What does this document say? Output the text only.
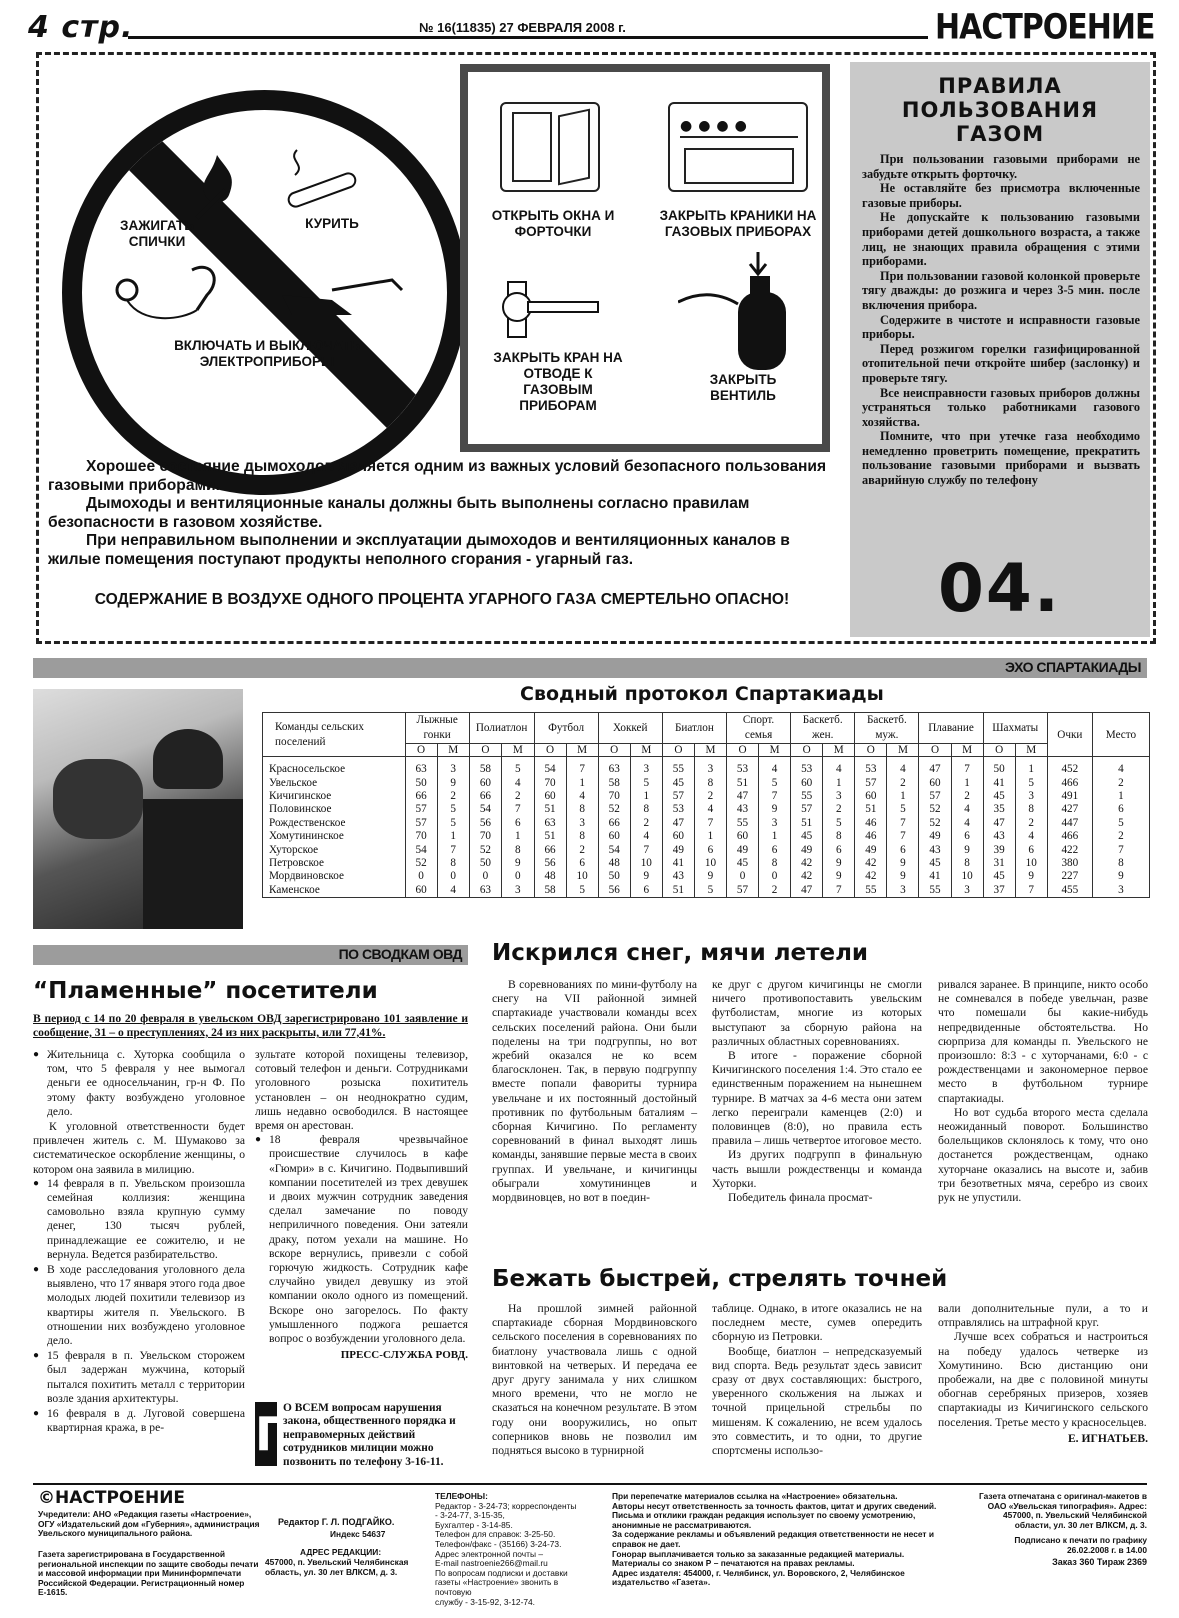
4 стр.	№ 16(11835) 27 ФЕВРАЛЯ 2008 г.	НАСТРОЕНИЕ
ЗАЖИГАТЬ СПИЧКИ
КУРИТЬ
ВКЛЮЧАТЬ И ВЫКЛЮЧАТЬ ЭЛЕКТРОПРИБОРЫ
ОТКРЫТЬ ОКНА И ФОРТОЧКИ
●●●●
ЗАКРЫТЬ КРАНИКИ НА ГАЗОВЫХ ПРИБОРАХ
ЗАКРЫТЬ КРАН НА ОТВОДЕ К ГАЗОВЫМ ПРИБОРАМ
ЗАКРЫТЬ ВЕНТИЛЬ
ПРАВИЛА ПОЛЬЗОВАНИЯ ГАЗОМ

При пользовании газовыми приборами не забудьте открыть форточку.

Не оставляйте без присмотра включенные газовые приборы.

Не допускайте к пользованию газовыми приборами детей дошкольного возраста, а также лиц, не знающих правила обращения с этими приборами.

При пользовании газовой колонкой проверьте тягу дважды: до розжига и через 3-5 мин. после включения прибора.

Содержите в чистоте и исправности газовые приборы.

Перед розжигом горелки газифицированной отопительной печи откройте шибер (заслонку) и проверьте тягу.

Все неисправности газовых приборов должны устраняться только работниками газового хозяйства.

Помните, что при утечке газа необходимо немедленно проветрить помещение, прекратить пользование газовыми приборами и вызвать аварийную службу по телефону

04.

Хорошее состояние дымоходов является одним из важных условий безопасного пользования газовыми приборами.

Дымоходы и вентиляционные каналы должны быть выполнены согласно правилам безопасности в газовом хозяйстве.

При неправильном выполнении и эксплуатации дымоходов и вентиляционных каналов в жилые помещения поступают продукты неполного сгорания - угарный газ.

СОДЕРЖАНИЕ В ВОЗДУХЕ ОДНОГО ПРОЦЕНТА УГАРНОГО ГАЗА СМЕРТЕЛЬНО ОПАСНО!
ЭХО СПАРТАКИАДЫ
Сводный протокол Спартакиады
Команды сельских поселений	Лыжные гонки		Полиатлон		Футбол		Хоккей		Биатлон		Спорт. семья		Баскетб. жен.		Баскетб. муж.		Плавание		Шахматы		Очки	Место
	О	М	О	М	О	М	О	М	О	М	О	М	О	М	О	М	О	М	О	М		
Красносельское	63	3	58	5	54	7	63	3	55	3	53	4	53	4	53	4	47	7	50	1	452	4
Увельское	50	9	60	4	70	1	58	5	45	8	51	5	60	1	57	2	60	1	41	5	466	2
Кичигинское	66	2	66	2	60	4	70	1	57	2	47	7	55	3	60	1	57	2	45	3	491	1
Половинское	57	5	54	7	51	8	52	8	53	4	43	9	57	2	51	5	52	4	35	8	427	6
Рождественское	57	5	56	6	63	3	66	2	47	7	55	3	51	5	46	7	52	4	47	2	447	5
Хомутининское	70	1	70	1	51	8	60	4	60	1	60	1	45	8	46	7	49	6	43	4	466	2
Хуторское	54	7	52	8	66	2	54	7	49	6	49	6	49	6	49	6	43	9	39	6	422	7
Петровское	52	8	50	9	56	6	48	10	41	10	45	8	42	9	42	9	45	8	31	10	380	8
Мордвиновское	0	0	0	0	48	10	50	9	43	9	0	0	42	9	42	9	41	10	45	9	227	9
Каменское	60	4	63	3	58	5	56	6	51	5	57	2	47	7	55	3	55	3	37	7	455	3
ПО СВОДКАМ ОВД
“Пламенные” посетители
В период с 14 по 20 февраля в увельском ОВД зарегистрировано 101 заявление и сообщение, 31 – о преступлениях, 24 из них раскрыты, или 77,41%.
● Жительница с. Хуторка сообщила о том, что 5 февраля у нее вымогал деньги ее односельчанин, гр-н Ф. По этому факту возбуждено уголовное дело.

К уголовной ответственности будет привлечен житель с. М. Шумаково за систематическое оскорбление женщины, о котором она заявила в милицию.

● 14 февраля в п. Увельском произошла семейная коллизия: женщина самовольно взяла крупную сумму денег, 130 тысяч рублей, принадлежащие ее сожителю, и не вернула. Ведется разбирательство.
● В ходе расследования уголовного дела выявлено, что 17 января этого года двое молодых людей похитили телевизор из квартиры жителя п. Увельского. В отношении них возбуждено уголовное дело.
● 15 февраля в п. Увельском сторожем был задержан мужчина, который пытался похитить металл с территории возле здания архитектуры.
● 16 февраля в д. Луговой совершена квартирная кража, в ре-

зультате которой похищены телевизор, сотовый телефон и деньги. Сотрудниками уголовного розыска похититель установлен – он неоднократно судим, лишь недавно освободился. В настоящее время он арестован.

● 18 февраля чрезвычайное происшествие случилось в кафе «Гюмри» в с. Кичигино. Подвыпивший компании посетителей из трех девушек и двоих мужчин сотрудник заведения сделал замечание по поводу неприличного поведения. Они затеяли драку, потом уехали на машине. Но вскоре вернулись, привезли с собой горючую жидкость. Сотрудник кафе случайно увидел девушку из этой компании около одного из помещений. Вскоре оно загорелось. По факту умышленного поджога решается вопрос о возбуждении уголовного дела.
ПРЕСС-СЛУЖБА РОВД.
П
О ВСЕМ вопросам нарушения закона, общественного порядка и неправомерных действий сотрудников милиции можно позвонить по телефону 3-16-11.
Искрился снег, мячи летели

В соревнованиях по мини-футболу на снегу на VII районной зимней спартакиаде участвовали команды всех сельских поселений района. Они были поделены на три подгруппы, но вот жребий оказался не ко всем благосклонен. Так, в первую подгруппу вместе попали фавориты турнира увельчане и их постоянный достойный противник по футбольным баталиям – сборная Кичигино. По регламенту соревнований в финал выходят лишь команды, занявшие первые места в своих группах. И увельчане, и кичигинцы обыграли хомутининцев и мордвиновцев, но вот в поедин-

ке друг с другом кичигинцы не смогли ничего противопоставить увельским футболистам, многие из которых выступают за сборную района на различных областных соревнованиях.

В итоге - поражение сборной Кичигинского поселения 1:4. Это стало ее единственным поражением на нынешнем турнире. В матчах за 4-6 места они затем легко переиграли каменцев (2:0) и половинцев (8:0), но правила есть правила – лишь четвертое итоговое место.

Из других подгрупп в финальную часть вышли рождественцы и команда Хуторки.

Победитель финала просмат-

ривался заранее. В принципе, никто особо не сомневался в победе увельчан, разве что помешали бы какие-нибудь непредвиденные обстоятельства. Но сюрприза для команды п. Увельского не произошло: 8:3 - с хуторчанами, 6:0 - с рождественцами и закономерное первое место в футбольном турнире спартакиады.

Но вот судьба второго места сделала неожиданный поворот. Большинство болельщиков склонялось к тому, что оно достанется рождественцам, однако хуторчане оказались на высоте и, забив три безответных мяча, серебро из своих рук не упустили.

Бежать быстрей, стрелять точней

На прошлой зимней районной спартакиаде сборная Мордвиновского сельского поселения в соревнованиях по биатлону участвовала лишь с одной винтовкой на четверых. И передача ее друг другу занимала у них слишком много времени, что не могло не сказаться на конечном результате. В этом году они вооружились, но опыт соперников вновь не позволил им подняться высоко в турнирной

таблице. Однако, в итоге оказались не на последнем месте, сумев опередить сборную из Петровки.

Вообще, биатлон – непредсказуемый вид спорта. Ведь результат здесь зависит сразу от двух составляющих: быстрого, уверенного скольжения на лыжах и точной прицельной стрельбы по мишеням. К сожалению, не всем удалось это совместить, и то одни, то другие спортсмены использо-

вали дополнительные пули, а то и отправлялись на штрафной круг.

Лучше всех собраться и настроиться на победу удалось четверке из Хомутинино. Всю дистанцию они пробежали, на две с половиной минуты обогнав серебряных призеров, хозяев спартакиады из Кичигинского сельского поселения. Третье место у красносельцев.

Е. ИГНАТЬЕВ.
©НАСТРОЕНИЕ
Учредители: АНО «Редакция газеты «Настроение», ОГУ «Издательский дом «Губерния», администрация Увельского муниципального района.
Газета зарегистрирована в Государственной региональной инспекции по защите свободы печати и массовой информации при Мининформпечати Российской Федерации. Регистрационный номер Е-1615.
Редактор Г. Л. ПОДГАЙКО.
Индекс 54637
АДРЕС РЕДАКЦИИ:
457000, п. Увельский Челябинская область, ул. 30 лет ВЛКСМ, д. 3.
ТЕЛЕФОНЫ:
Редактор - 3-24-73; корреспонденты
- 3-24-77, 3-15-35,
Бухгалтер - 3-14-85.
Телефон для справок: 3-25-50.
Телефон/факс - (35166) 3-24-73.
Адрес электронной почты –
E-mail nastroenie266@mail.ru
По вопросам подписки и доставки
газеты «Настроение» звонить в почтовую
службу - 3-15-92, 3-12-74.
При перепечатке материалов ссылка на «Настроение» обязательна.
Авторы несут ответственность за точность фактов, цитат и других сведений.
Письма и отклики граждан редакция использует по своему усмотрению, анонимные не рассматриваются.
За содержание рекламы и объявлений редакция ответственности не несет и справок не дает.
Гонорар выплачивается только за заказанные редакцией материалы.
Материалы со знаком Р – печатаются на правах рекламы.
Адрес издателя: 454000, г. Челябинск, ул. Воровского, 2, Челябинское издательство «Газета».
Газета отпечатана с оригинал-макетов в ОАО «Увельская типография». Адрес: 457000, п. Увельский Челябинской области, ул. 30 лет ВЛКСМ, д. 3.
Подписано к печати по графику 26.02.2008 г. в 14.00
Заказ 360 Тираж 2369
